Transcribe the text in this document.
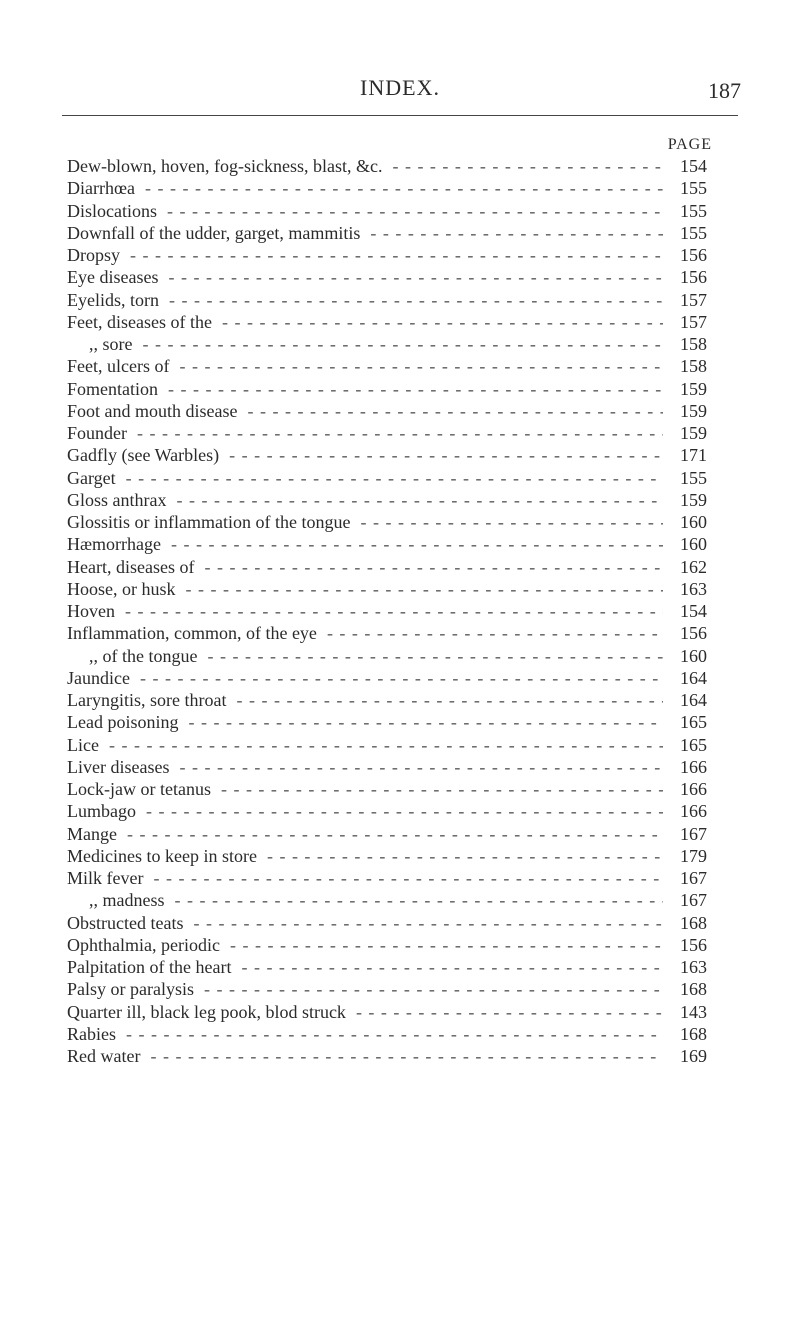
INDEX.	187
PAGE
Dew-blown, hoven, fog-sickness, blast, &c. - - -	154
Diarrhœa - - -	155
Dislocations - - -	155
Downfall of the udder, garget, mammitis - - -	155
Dropsy - - -	156
Eye diseases - - -	156
Eyelids, torn - - -	157
Feet, diseases of the - - -	157
,, sore - - -	158
Feet, ulcers of - - -	158
Fomentation - - -	159
Foot and mouth disease - - -	159
Founder - - -	159
Gadfly (see Warbles) - - -	171
Garget - - -	155
Gloss anthrax - - -	159
Glossitis or inflammation of the tongue - - -	160
Hæmorrhage - - -	160
Heart, diseases of - - -	162
Hoose, or husk - - -	163
Hoven - - -	154
Inflammation, common, of the eye - - -	156
,, of the tongue - - -	160
Jaundice - - -	164
Laryngitis, sore throat - - -	164
Lead poisoning - - -	165
Lice - - -	165
Liver diseases - - -	166
Lock-jaw or tetanus - - -	166
Lumbago - - -	166
Mange - - -	167
Medicines to keep in store - - -	179
Milk fever - - -	167
,, madness - - -	167
Obstructed teats - - -	168
Ophthalmia, periodic - - -	156
Palpitation of the heart - - -	163
Palsy or paralysis - - -	168
Quarter ill, black leg pook, blod struck - - -	143
Rabies - - -	168
Red water - - -	169
